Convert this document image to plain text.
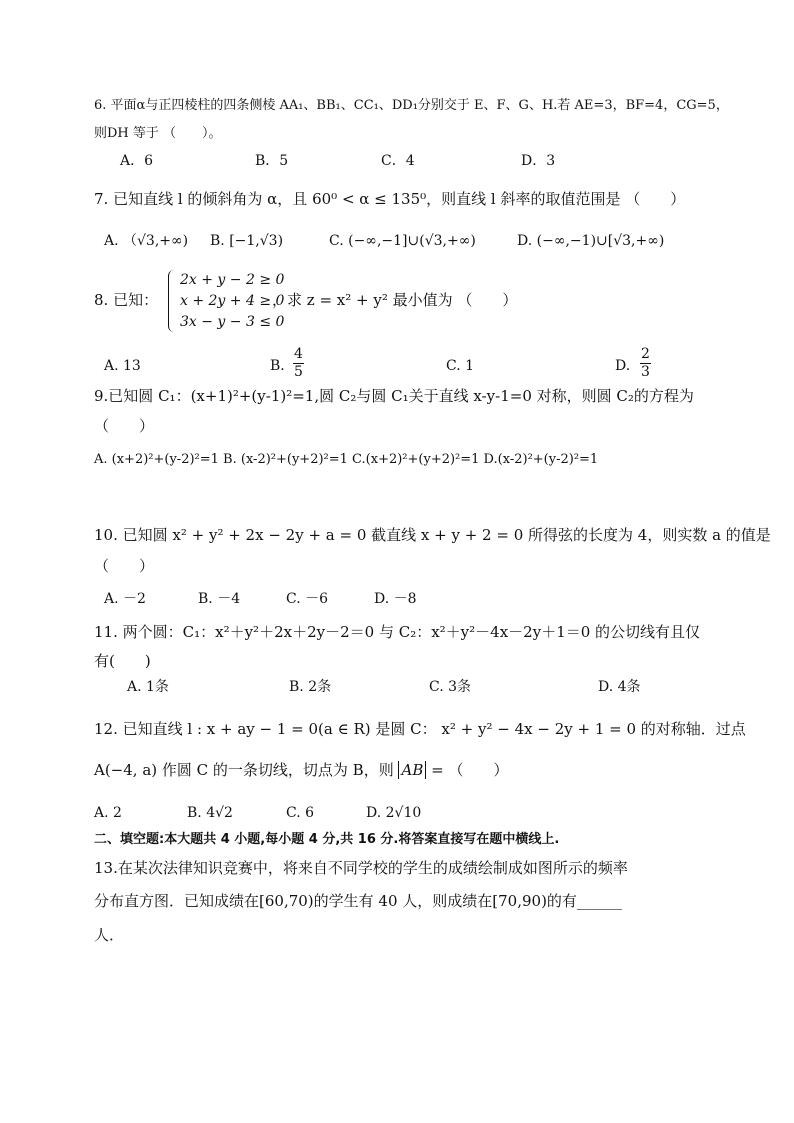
6. 平面α与正四棱柱的四条侧棱 AA₁、BB₁、CC₁、DD₁分别交于 E、F、G、H.若 AE=3，BF=4，CG=5，
则DH 等于 （　　）。
A．6	B．5	C．4	D．3
7. 已知直线 l 的倾斜角为 α，且 60⁰ < α ≤ 135⁰，则直线 l 斜率的取值范围是 （　　）
A. （√3,+∞) B. [−1,√3)	C. (−∞,−1]∪(√3,+∞)	D. (−∞,−1)∪[√3,+∞)
8. 已知：
2x + y − 2 ≥ 0
x + 2y + 4 ≥ 0
3x − y − 3 ≤ 0
，求 z = x² + y² 最小值为 （　　）
A. 13	B. $\frac{4}{5}$	C. 1	D. $\frac{2}{3}$
9.已知圆 C₁：(x+1)²+(y-1)²=1,圆 C₂与圆 C₁关于直线 x-y-1=0 对称，则圆 C₂的方程为
（　　）
A. (x+2)²+(y-2)²=1 B. (x-2)²+(y+2)²=1 C.(x+2)²+(y+2)²=1 D.(x-2)²+(y-2)²=1
10. 已知圆 x² + y² + 2x − 2y + a = 0 截直线 x + y + 2 = 0 所得弦的长度为 4，则实数 a 的值是
（　　）
A. －2	B. －4	C. －6	D. －8
11. 两个圆：C₁：x²＋y²＋2x＋2y－2＝0 与 C₂：x²＋y²－4x－2y＋1＝0 的公切线有且仅
有(　　)
A. 1条	B. 2条	C. 3条	D. 4条
12. 已知直线 l : x + ay − 1 = 0(a ∈ R) 是圆 C： x² + y² − 4x − 2y + 1 = 0 的对称轴．过点
A(−4, a) 作圆 C 的一条切线，切点为 B，则 AB = （　　）
A. 2	B. 4√2	C. 6	D. 2√10
二、填空题:本大题共 4 小题,每小题 4 分,共 16 分.将答案直接写在题中横线上.
13.在某次法律知识竞赛中，将来自不同学校的学生的成绩绘制成如图所示的频率
分布直方图．已知成绩在[60,70)的学生有 40 人，则成绩在[70,90)的有______
人．
